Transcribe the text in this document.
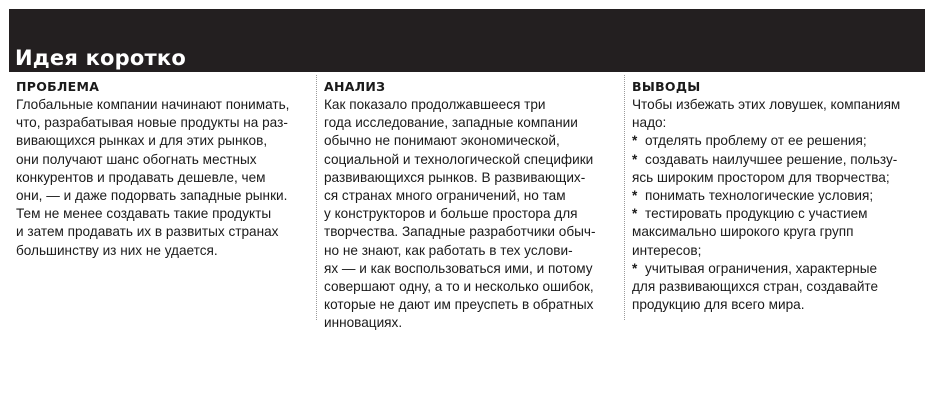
Идея коротко
ПРОБЛЕМА
Глобальные компании начинают понимать,
что, разрабатывая новые продукты на раз-
вивающихся рынках и для этих рынков,
они получают шанс обогнать местных
конкурентов и продавать дешевле, чем
они, — и даже подорвать западные рынки.
Тем не менее создавать такие продукты
и затем продавать их в развитых странах
большинству из них не удается.
АНАЛИЗ
Как показало продолжавшееся три
года исследование, западные компании
обычно не понимают экономической,
социальной и технологической специфики
развивающихся рынков. В развивающих-
ся странах много ограничений, но там
у конструкторов и больше простора для
творчества. Западные разработчики обыч-
но не знают, как работать в тех услови-
ях — и как воспользоваться ими, и потому
совершают одну, а то и несколько ошибок,
которые не дают им преуспеть в обратных
инновациях.
ВЫВОДЫ
Чтобы избежать этих ловушек, компаниям
надо:
* отделять проблему от ее решения;
* создавать наилучшее решение, пользу-
ясь широким простором для творчества;
* понимать технологические условия;
* тестировать продукцию с участием
максимально широкого круга групп
интересов;
* учитывая ограничения, характерные
для развивающихся стран, создавайте
продукцию для всего мира.
